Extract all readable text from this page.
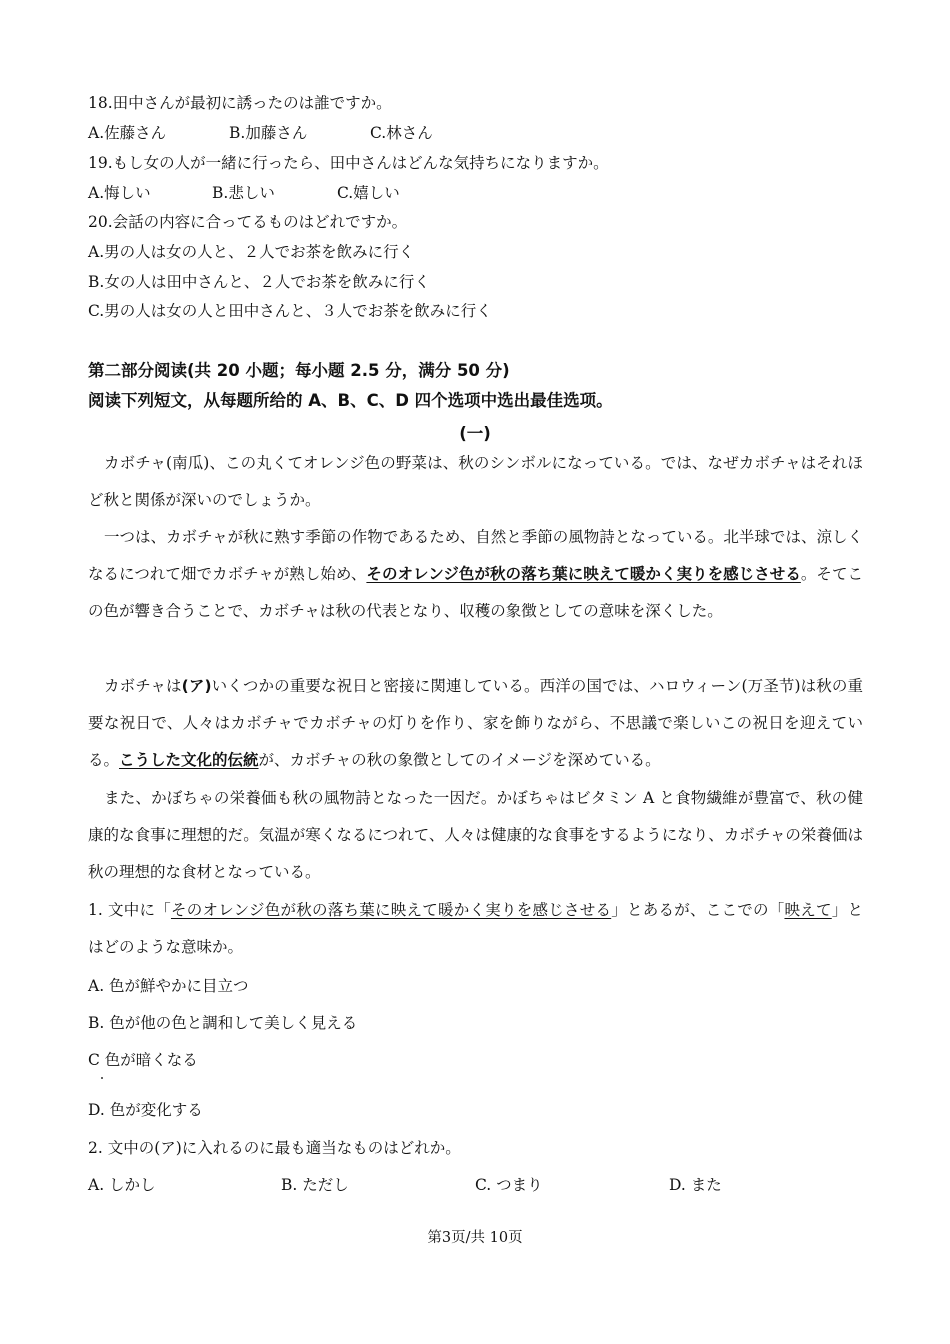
18.田中さんが最初に誘ったのは誰ですか。
A.佐藤さん	B.加藤さん	C.林さん
19.もし女の人が一緒に行ったら、田中さんはどんな気持ちになりますか。
A.悔しい	B.悲しい	C.嬉しい
20.会話の内容に合ってるものはどれですか。
A.男の人は女の人と、２人でお茶を飲みに行く
B.女の人は田中さんと、２人でお茶を飲みに行く
C.男の人は女の人と田中さんと、３人でお茶を飲みに行く
第二部分阅读(共 20 小题；每小题 2.5 分，满分 50 分)
阅读下列短文，从每题所给的 A、B、C、D 四个选项中选出最佳选项。
(一)
カボチャ(南瓜)、この丸くてオレンジ色の野菜は、秋のシンボルになっている。では、なぜカボチャはそれほど秋と関係が深いのでしょうか。
一つは、カボチャが秋に熟す季節の作物であるため、自然と季節の風物詩となっている。北半球では、涼しくなるにつれて畑でカボチャが熟し始め、そのオレンジ色が秋の落ち葉に映えて暖かく実りを感じさせる。そてこの色が響き合うことで、カボチャは秋の代表となり、収穫の象徴としての意味を深くした。
カボチャは(ア)いくつかの重要な祝日と密接に関連している。西洋の国では、ハロウィーン(万圣节)は秋の重要な祝日で、人々はカボチャでカボチャの灯りを作り、家を飾りながら、不思議で楽しいこの祝日を迎えている。こうした文化的伝統が、カボチャの秋の象徴としてのイメージを深めている。
また、かぼちゃの栄養価も秋の風物詩となった一因だ。かぼちゃはビタミン A と食物繊維が豊富で、秋の健康的な食事に理想的だ。気温が寒くなるにつれて、人々は健康的な食事をするようになり、カボチャの栄養価は秋の理想的な食材となっている。
1. 文中に「そのオレンジ色が秋の落ち葉に映えて暖かく実りを感じさせる」とあるが、ここでの「映えて」とはどのような意味か。
A. 色が鮮やかに目立つ
B. 色が他の色と調和して美しく見える
C 色が暗くなる
D. 色が変化する
2. 文中の(ア)に入れるのに最も適当なものはどれか。
A. しかし	B. ただし	C. つまり	D. また
第3页/共 10页
